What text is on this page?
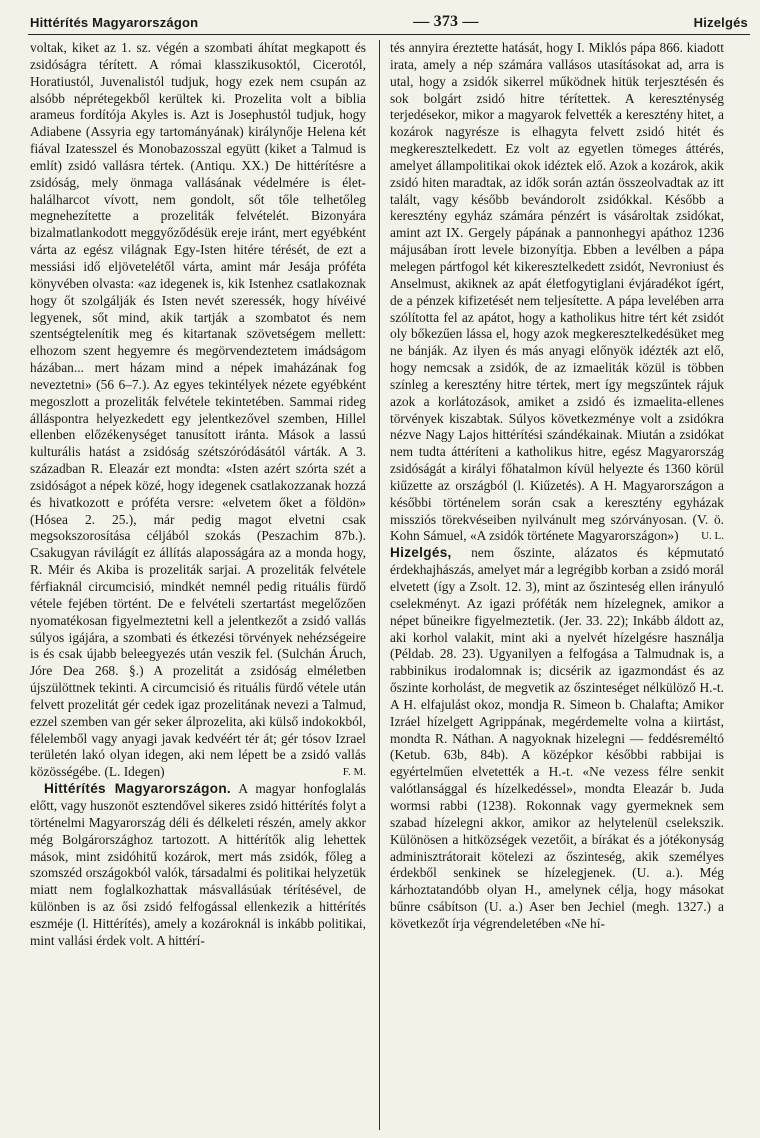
Hittérítés Magyarországon	— 373 —	Hizelgés

voltak, kiket az 1. sz. végén a szombati áhítat megkapott és zsidóságra térített. A római klasszikusoktól, Cicerotól, Horatiustól, Juvenalistól tudjuk, hogy ezek nem csupán az alsóbb néprétegekből kerültek ki. Prozelita volt a biblia arameus fordítója Akyles is. Azt is Josephustól tudjuk, hogy Adiabene (Assyria egy tartományának) királynője Helena két fiával Izatesszel és Monobazosszal együtt (kiket a Talmud is említ) zsidó vallásra tértek. (Antiqu. XX.) De hittérítésre a zsidóság, mely önmaga vallásának védelmére is élet-halálharcot vívott, nem gondolt, sőt tőle telhetőleg megnehezítette a prozeliták felvételét. Bizonyára bizalmatlankodott meggyőződésük ereje iránt, mert egyébként várta az egész világnak Egy-Isten hitére térését, de ezt a messiási idő eljövetelétől várta, amint már Jesája próféta könyvében olvasta: «az idegenek is, kik Istenhez csatlakoznak hogy őt szolgálják és Isten nevét szeressék, hogy hívéivé legyenek, sőt mind, akik tartják a szombatot és nem szentségtelenítik meg és kitartanak szövetségem mellett: elhozom szent hegyemre és megörvendeztetem imádságom házában... mert házam mind a népek imaházának fog neveztetni» (56 6–7.). Az egyes tekintélyek nézete egyébként megoszlott a prozeliták felvétele tekintetében. Sammai rideg álláspontra helyezkedett egy jelentkezővel szemben, Hillel ellenben előzékenységet tanusított iránta. Mások a lassú kulturális hatást a zsidóság szétszóródásától várták. A 3. században R. Eleazár ezt mondta: «Isten azért szórta szét a zsidóságot a népek közé, hogy idegenek csatlakozzanak hozzá és hivatkozott e próféta versre: «elvetem őket a földön» (Hósea 2. 25.), már pedig magot elvetni csak megsokszorosítása céljából szokás (Peszachim 87b.). Csakugyan rávilágít ez állítás alaposságára az a monda hogy, R. Méir és Akiba is prozeliták sarjai. A prozeliták felvétele férfiaknál circumcisió, mindkét nemnél pedig rituális fürdő vétele fejében történt. De e felvételi szertartást megelőzően nyomatékosan figyelmeztetni kell a jelentkezőt a zsidó vallás súlyos igájára, a szombati és étkezési törvények nehézségeire is és csak újabb beleegyezés után veszik fel. (Sulchán Áruch, Jóre Dea 268. §.) A prozelitát a zsidóság elméletben újszülöttnek tekinti. A circumcisió és rituális fürdő vétele után felvett prozelitát gér cedek igaz prozelitának nevezi a Talmud, ezzel szemben van gér seker álprozelita, aki külső indokokból, félelemből vagy anyagi javak kedvéért tér át; gér tósov Izrael területén lakó olyan idegen, aki nem lépett be a zsidó vallás közösségébe. (L. Idegen)	F. M.

Hittérítés Magyarországon. A magyar honfoglalás előtt, vagy huszonöt esztendővel sikeres zsidó hittérítés folyt a történelmi Magyarország déli és délkeleti részén, amely akkor még Bolgárországhoz tartozott. A hittérítők alig lehettek mások, mint zsidóhitű kozárok, mert más zsidók, főleg a szomszéd országokból valók, társadalmi és politikai helyzetük miatt nem foglalkozhattak másvallásúak térítésével, de különben is az ősi zsidó felfogással ellenkezik a hittérítés eszméje (l. Hittérítés), amely a kozároknál is inkább politikai, mint vallási érdek volt. A hittérí-

tés annyira éreztette hatását, hogy I. Miklós pápa 866. kiadott irata, amely a nép számára vallásos utasításokat ad, arra is utal, hogy a zsidók sikerrel működnek hitük terjesztésén és sok bolgárt zsidó hitre térítettek. A kereszténység terjedésekor, mikor a magyarok felvették a keresztény hitet, a kozárok nagyrésze is elhagyta felvett zsidó hitét és megkeresztelkedett. Ez volt az egyetlen tömeges áttérés, amelyet állampolitikai okok idéztek elő. Azok a kozárok, akik zsidó hiten maradtak, az idők során aztán összeolvadtak az itt talált, vagy később bevándorolt zsidókkal. Később a keresztény egyház számára pénzért is vásároltak zsidókat, amint azt IX. Gergely pápának a pannonhegyi apáthoz 1236 májusában írott levele bizonyítja. Ebben a levélben a pápa melegen pártfogol két kikeresztelkedett zsidót, Nevroniust és Anselmust, akiknek az apát életfogytiglani évjáradékot ígért, de a pénzek kifizetését nem teljesítette. A pápa levelében arra szólította fel az apátot, hogy a katholikus hitre tért két zsidót oly bőkezűen lássa el, hogy azok megkeresztelkedésüket meg ne bánják. Az ilyen és más anyagi előnyök idézték azt elő, hogy nemcsak a zsidók, de az izmaeliták közül is többen színleg a keresztény hitre tértek, mert így megszűntek rájuk azok a korlátozások, amiket a zsidó és izmaelita-ellenes törvények kiszabtak. Súlyos következménye volt a zsidókra nézve Nagy Lajos hittérítési szándékainak. Miután a zsidókat nem tudta áttéríteni a katholikus hitre, egész Magyarország zsidóságát a királyi főhatalmon kívül helyezte és 1360 körül kiűzette az országból (l. Kiűzetés). A H. Magyarországon a későbbi történelem során csak a keresztény egyházak missziós törekvéseiben nyilvánult meg szórványosan. (V. ö. Kohn Sámuel, «A zsidók története Magyarországon») U. L.

Hizelgés, nem őszinte, alázatos és képmutató érdekhajhászás, amelyet már a legrégibb korban a zsidó morál elvetett (így a Zsolt. 12. 3), mint az őszinteség ellen irányuló cselekményt. Az igazi próféták nem hízelegnek, amikor a népet bűneikre figyelmeztetik. (Jer. 33. 22); Inkább áldott az, aki korhol valakit, mint aki a nyelvét hízelgésre használja (Példab. 28. 23). Ugyanilyen a felfogása a Talmudnak is, a rabbinikus irodalomnak is; dicsérik az igazmondást és az őszinte korholást, de megvetik az őszinteséget nélkülöző H.-t. A H. elfajulást okoz, mondja R. Simeon b. Chalafta; Amikor Izráel hízelgett Agrippának, megérdemelte volna a kiirtást, mondta R. Náthan. A nagyoknak hizelegni — feddésreméltó (Ketub. 63b, 84b). A középkor későbbi rabbijai is egyértelműen elvetették a H.-t. «Ne vezess félre senkit valótlansággal és hízelkedéssel», mondta Eleazár b. Juda wormsi rabbi (1238). Rokonnak vagy gyermeknek sem szabad hízelegni akkor, amikor az helytelenül cselekszik. Különösen a hitközségek vezetőit, a bírákat és a jótékonyság adminisztrátorait kötelezi az őszinteség, akik személyes érdekből senkinek se hízelegjenek. (U. a.). Még kárhoztatandóbb olyan H., amelynek célja, hogy másokat bűnre csábítson (U. a.) Aser ben Jechiel (megh. 1327.) a következőt írja végrendeletében «Ne hí-
